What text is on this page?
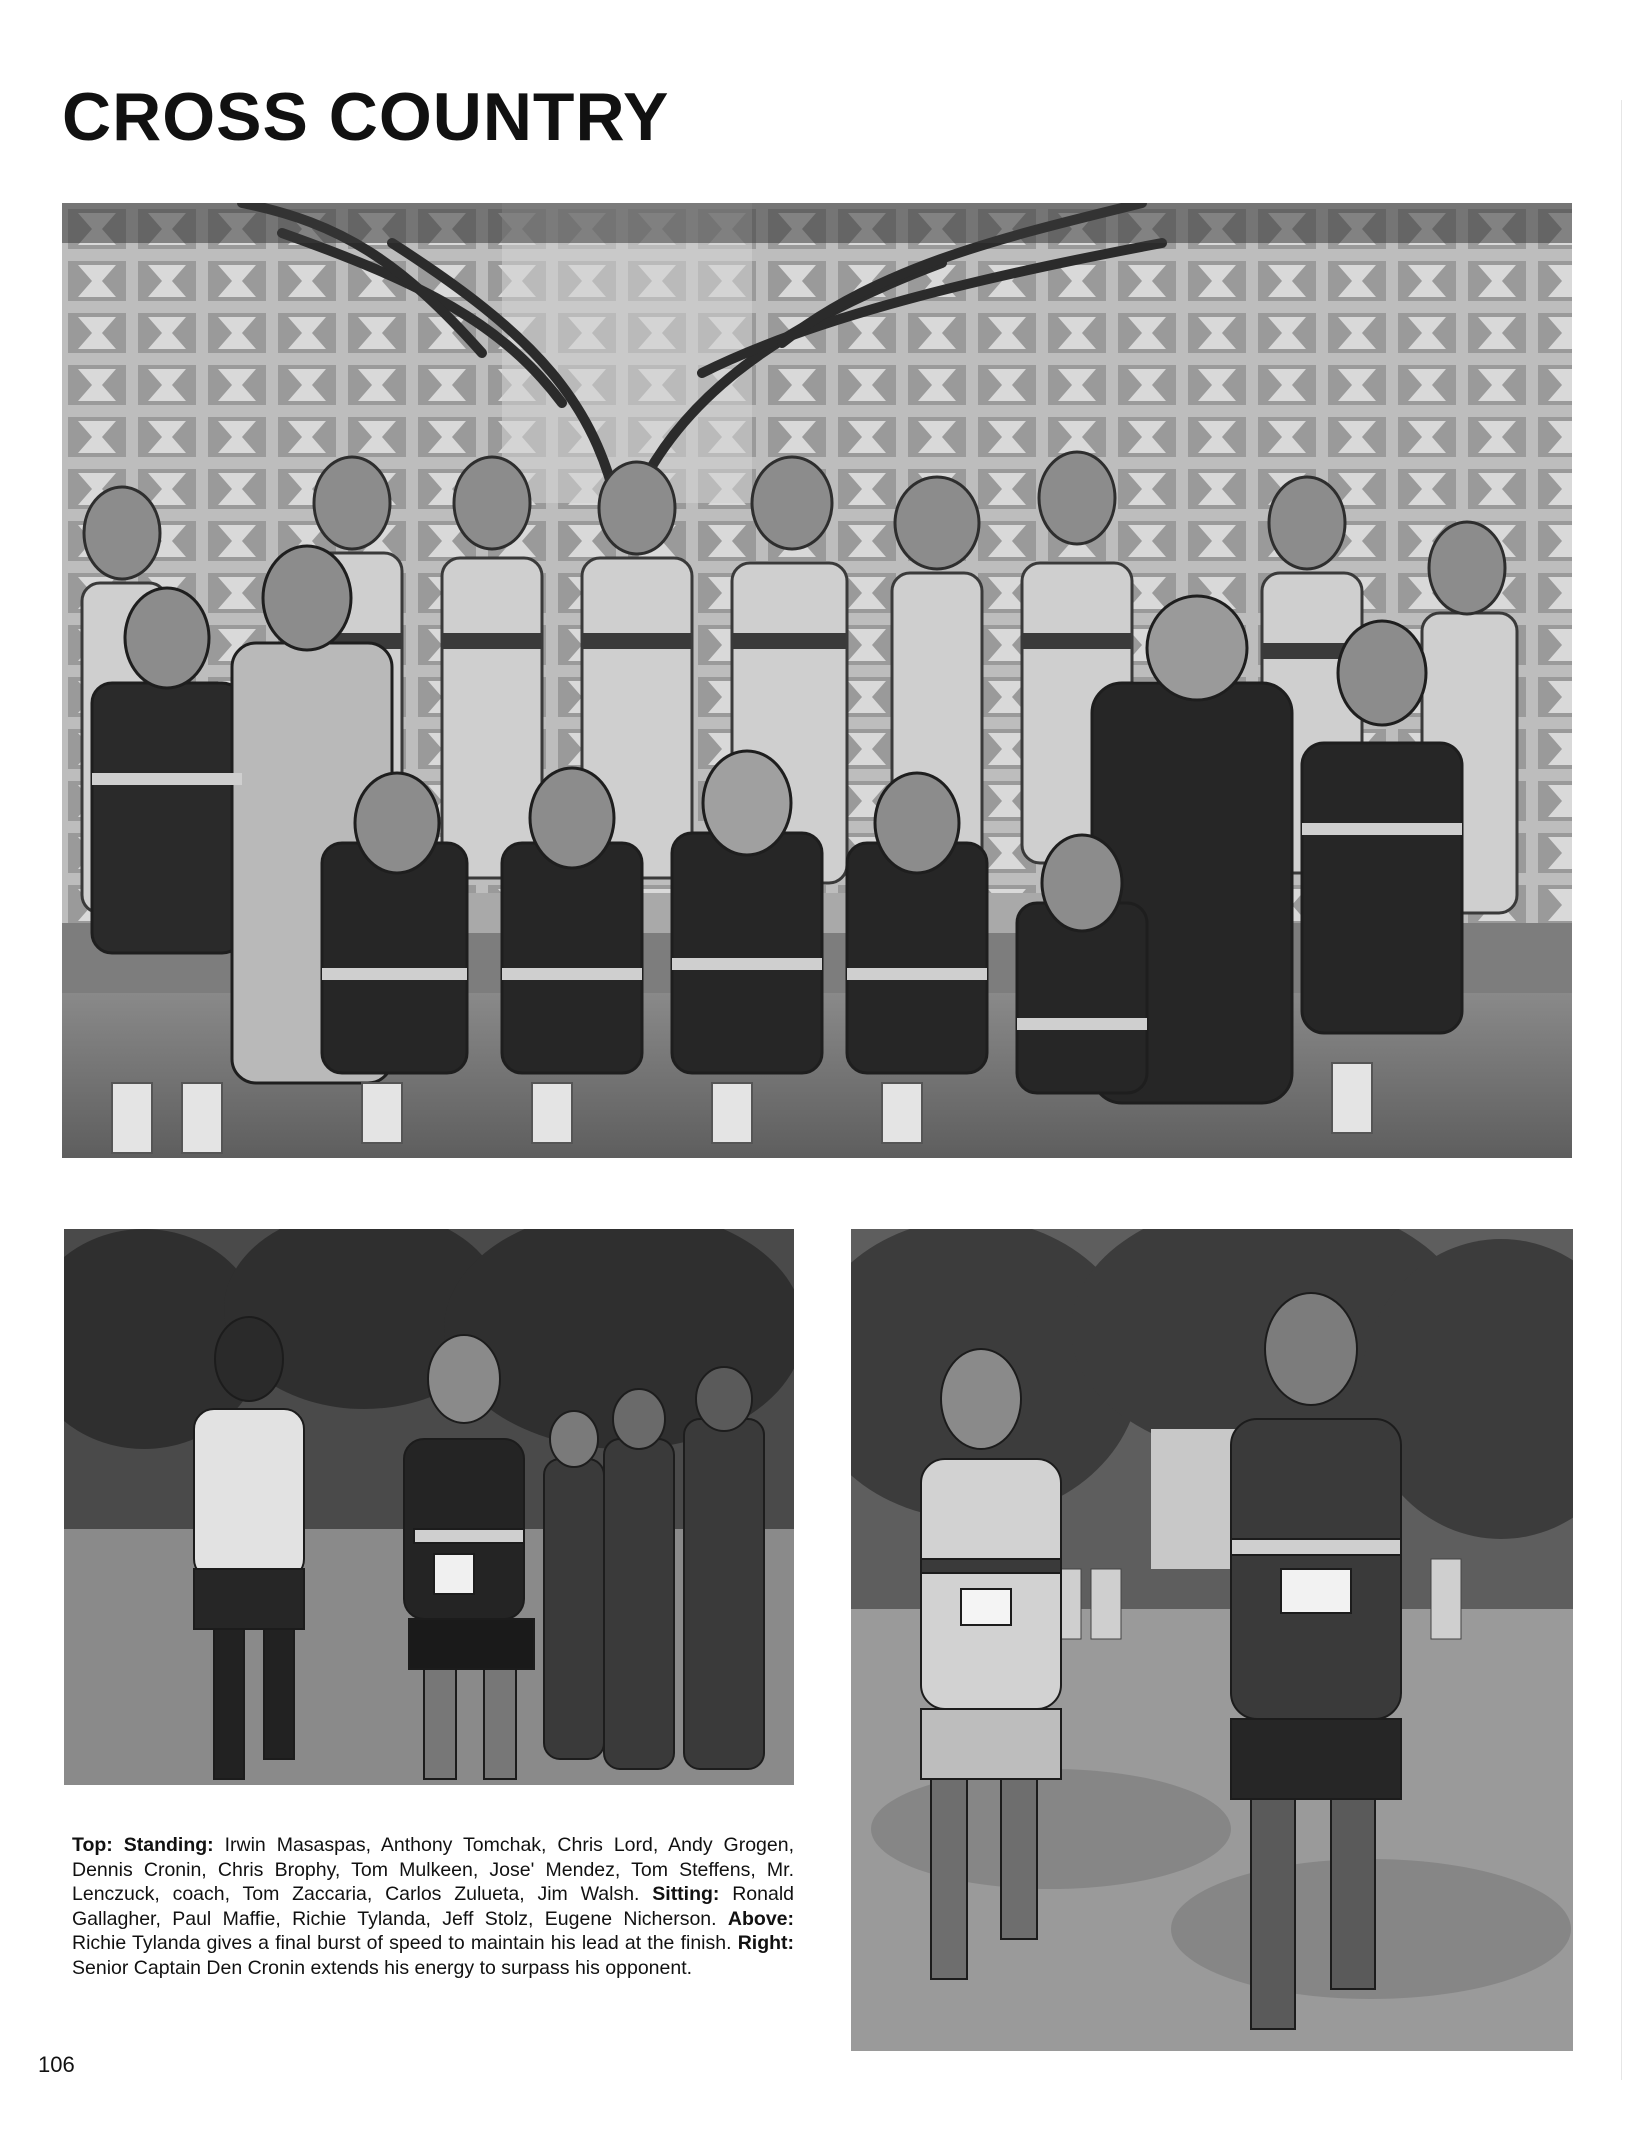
CROSS COUNTRY

Top: Standing: Irwin Masaspas, Anthony Tomchak, Chris Lord, Andy Grogen, Dennis Cronin, Chris Brophy, Tom Mulkeen, Jose' Mendez, Tom Steffens, Mr. Lenczuck, coach, Tom Zaccaria, Carlos Zulueta, Jim Walsh. Sitting: Ronald Gallagher, Paul Maffie, Richie Tylanda, Jeff Stolz, Eugene Nicherson. Above: Richie Tylanda gives a final burst of speed to maintain his lead at the finish. Right: Senior Captain Den Cronin extends his energy to surpass his opponent.

106
